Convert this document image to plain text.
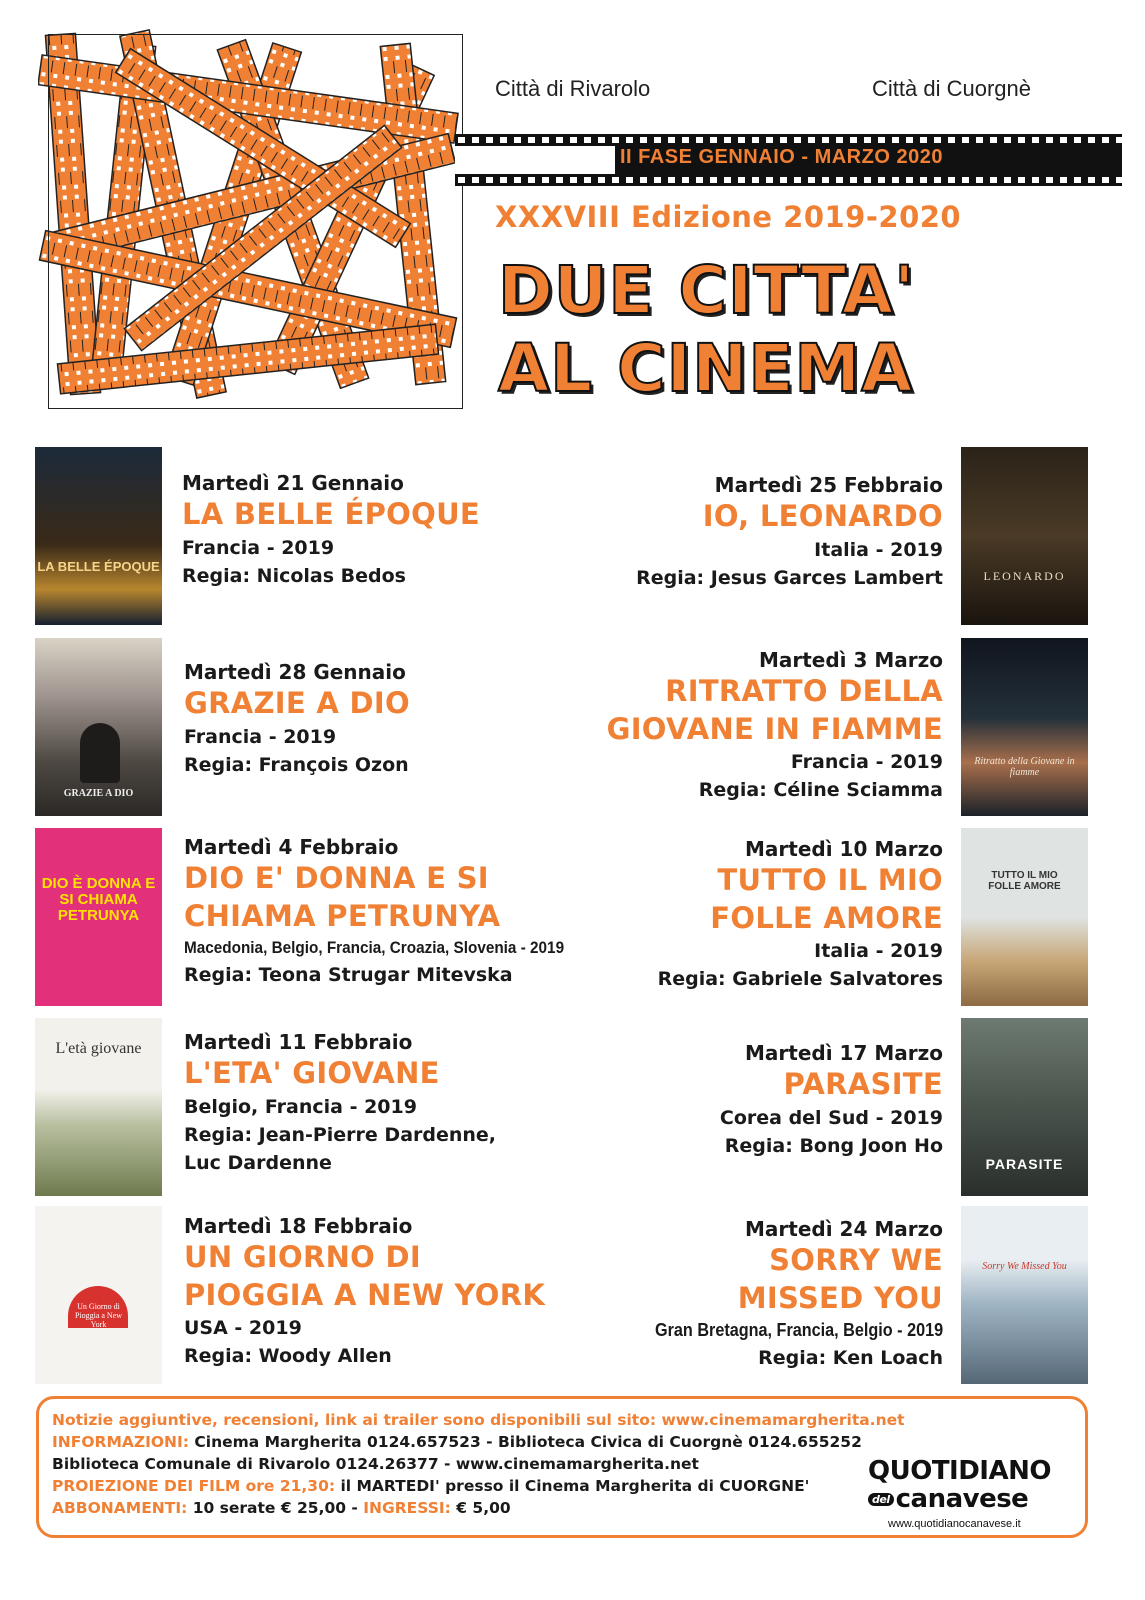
Città di Rivarolo	Città di Cuorgnè
II FASE GENNAIO - MARZO 2020
XXXVIII Edizione 2019-2020
DUE CITTA'
AL CINEMA
LA BELLE ÉPOQUE
GRAZIE A DIO
DIO È DONNA E SI CHIAMA PETRUNYA
L'età giovane
Un Giorno di Pioggia a New York
LEONARDO
Ritratto della Giovane in fiamme
TUTTO IL MIO FOLLE AMORE
PARASITE
Sorry We Missed You
Martedì 21 Gennaio
LA BELLE ÉPOQUE
Francia - 2019
Regia: Nicolas Bedos
Martedì 28 Gennaio
GRAZIE A DIO
Francia - 2019
Regia: François Ozon
Martedì 4 Febbraio
DIO E' DONNA E SI
CHIAMA PETRUNYA
Macedonia, Belgio, Francia, Croazia, Slovenia - 2019
Regia: Teona Strugar Mitevska
Martedì 11 Febbraio
L'ETA' GIOVANE
Belgio, Francia - 2019
Regia: Jean-Pierre Dardenne,
Luc Dardenne
Martedì 18 Febbraio
UN GIORNO DI
PIOGGIA A NEW YORK
USA - 2019
Regia: Woody Allen
Martedì 25 Febbraio
IO, LEONARDO
Italia - 2019
Regia: Jesus Garces Lambert
Martedì 3 Marzo
RITRATTO DELLA
GIOVANE IN FIAMME
Francia - 2019
Regia: Céline Sciamma
Martedì 10 Marzo
TUTTO IL MIO
FOLLE AMORE
Italia - 2019
Regia: Gabriele Salvatores
Martedì 17 Marzo
PARASITE
Corea del Sud - 2019
Regia: Bong Joon Ho
Martedì 24 Marzo
SORRY WE
MISSED YOU
Gran Bretagna, Francia, Belgio - 2019
Regia: Ken Loach
Notizie aggiuntive, recensioni, link ai trailer sono disponibili sul sito: www.cinemamargherita.net
INFORMAZIONI: Cinema Margherita 0124.657523 - Biblioteca Civica di Cuorgnè 0124.655252
Biblioteca Comunale di Rivarolo 0124.26377 - www.cinemamargherita.net
PROIEZIONE DEI FILM ore 21,30: il MARTEDI' presso il Cinema Margherita di CUORGNE'
ABBONAMENTI: 10 serate € 25,00 - INGRESSI: € 5,00
QUOTIDIANO
del canavese
www.quotidianocanavese.it
